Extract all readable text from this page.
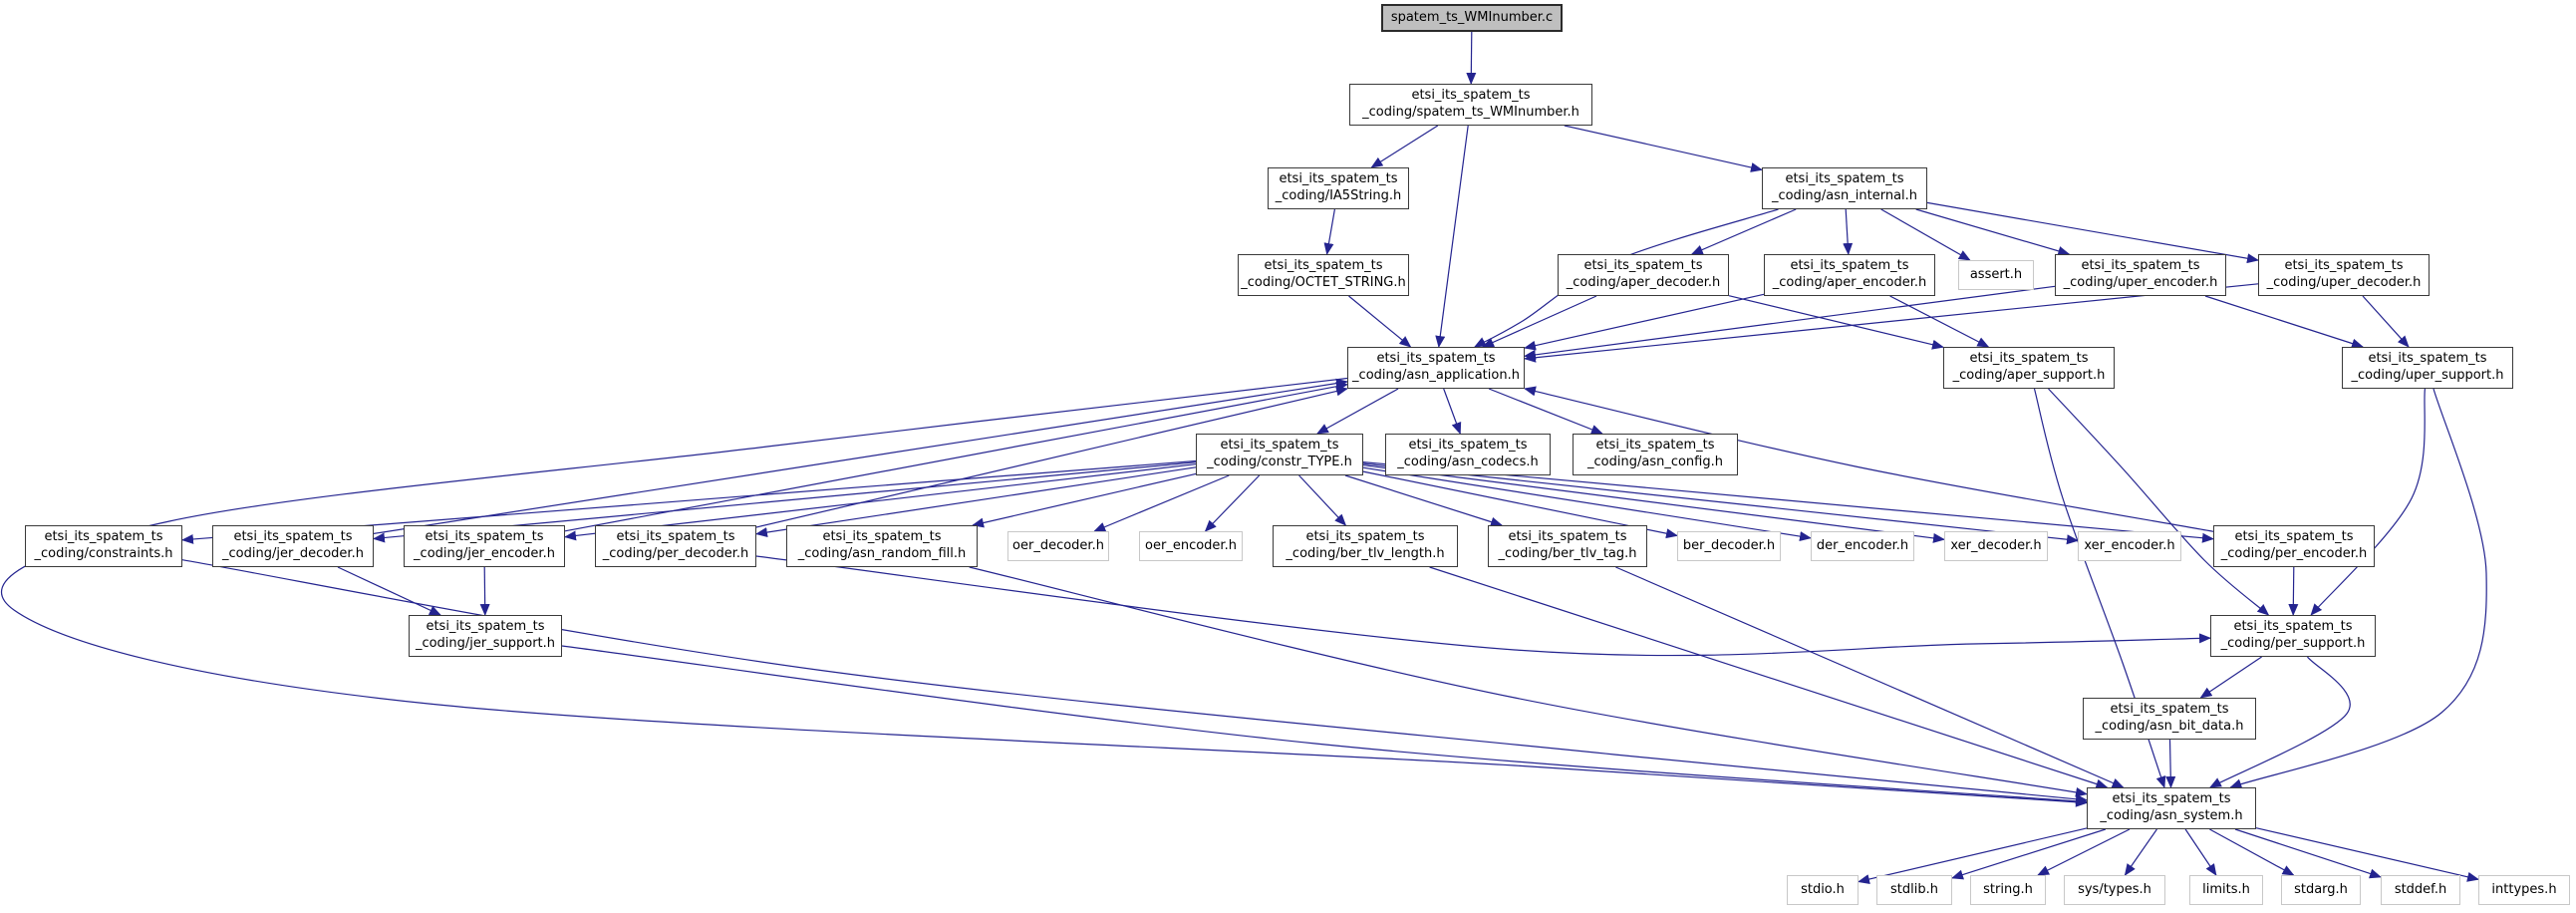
spatem_ts_WMInumber.c
etsi_its_spatem_ts
_coding/spatem_ts_WMInumber.h
etsi_its_spatem_ts
_coding/IA5String.h
etsi_its_spatem_ts
_coding/asn_internal.h
etsi_its_spatem_ts
_coding/OCTET_STRING.h
etsi_its_spatem_ts
_coding/aper_decoder.h
etsi_its_spatem_ts
_coding/aper_encoder.h
assert.h
etsi_its_spatem_ts
_coding/uper_encoder.h
etsi_its_spatem_ts
_coding/uper_decoder.h
etsi_its_spatem_ts
_coding/asn_application.h
etsi_its_spatem_ts
_coding/aper_support.h
etsi_its_spatem_ts
_coding/uper_support.h
etsi_its_spatem_ts
_coding/constr_TYPE.h
etsi_its_spatem_ts
_coding/asn_codecs.h
etsi_its_spatem_ts
_coding/asn_config.h
etsi_its_spatem_ts
_coding/constraints.h
etsi_its_spatem_ts
_coding/jer_decoder.h
etsi_its_spatem_ts
_coding/jer_encoder.h
etsi_its_spatem_ts
_coding/per_decoder.h
etsi_its_spatem_ts
_coding/asn_random_fill.h
oer_decoder.h	oer_encoder.h
etsi_its_spatem_ts
_coding/ber_tlv_length.h
etsi_its_spatem_ts
_coding/ber_tlv_tag.h
ber_decoder.h	der_encoder.h	xer_decoder.h	xer_encoder.h
etsi_its_spatem_ts
_coding/per_encoder.h
etsi_its_spatem_ts
_coding/jer_support.h
etsi_its_spatem_ts
_coding/per_support.h
etsi_its_spatem_ts
_coding/asn_bit_data.h
etsi_its_spatem_ts
_coding/asn_system.h
stdio.h	stdlib.h	string.h	sys/types.h	limits.h	stdarg.h	stddef.h	inttypes.h
